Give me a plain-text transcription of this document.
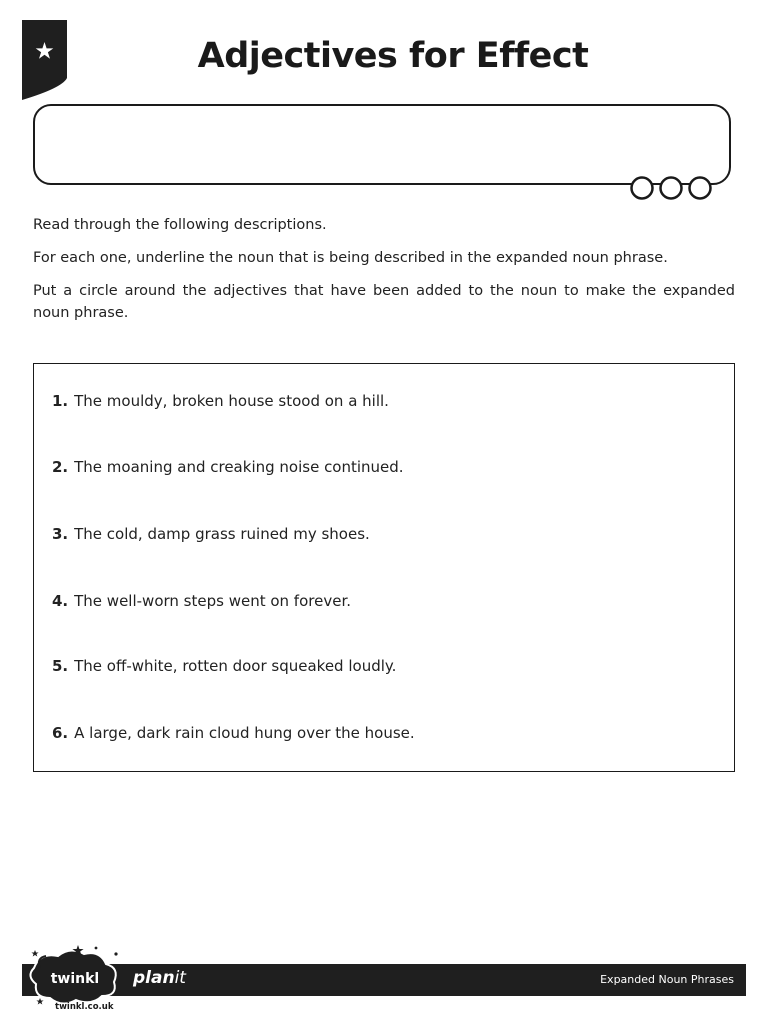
Adjectives for Effect

Read through the following descriptions.

For each one, underline the noun that is being described in the expanded noun phrase.

Put a circle around the adjectives that have been added to the noun to make the expanded noun phrase.

1. The mouldy, broken house stood on a hill.
2. The moaning and creaking noise continued.
3. The cold, damp grass ruined my shoes.
4. The well-worn steps went on forever.
5. The off-white, rotten door squeaked loudly.
6. A large, dark rain cloud hung over the house.
twinkl
twinkl.co.uk
planit	Expanded Noun Phrases
